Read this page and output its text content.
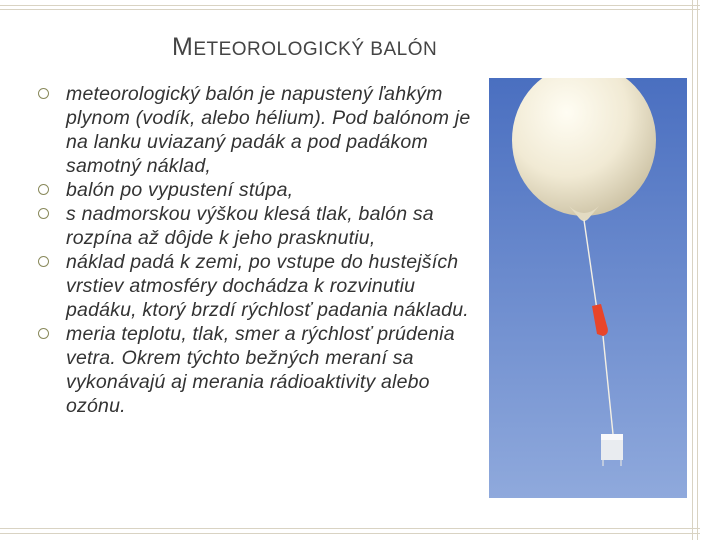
METEOROLOGICKÝ BALÓN
meteorologický balón je napustený ľahkým plynom (vodík, alebo hélium). Pod balónom je na lanku uviazaný padák a pod padákom samotný náklad,
balón po vypustení stúpa,
s nadmorskou výškou klesá tlak, balón sa rozpína až dôjde k jeho prasknutiu,
náklad padá k zemi, po vstupe do hustejších vrstiev atmosféry dochádza k rozvinutiu padáku, ktorý brzdí rýchlosť padania nákladu.
meria teplotu, tlak, smer a rýchlosť prúdenia vetra. Okrem týchto bežných meraní sa vykonávajú aj merania rádioaktivity alebo ozónu.
